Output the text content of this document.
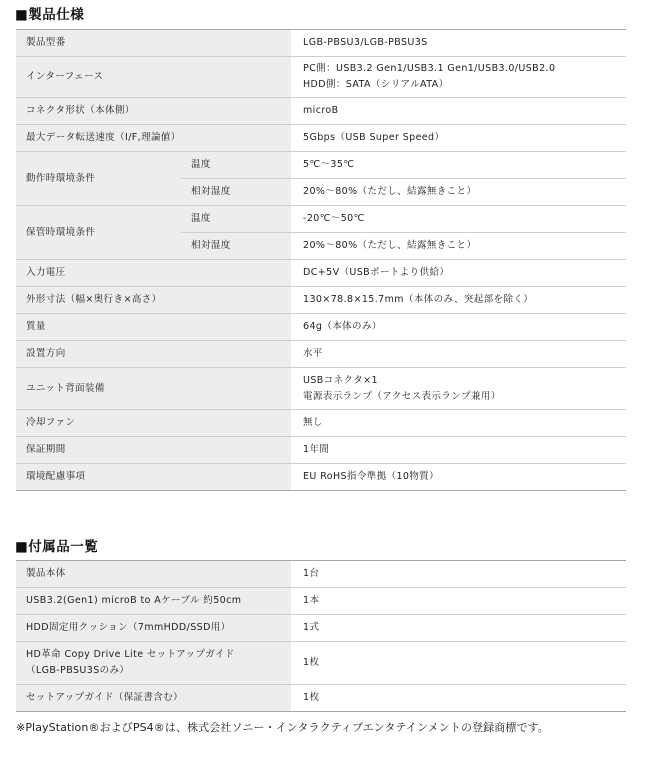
■製品仕様
製品型番		LGB-PBSU3/LGB-PBSU3S
インターフェース		PC側：USB3.2 Gen1/USB3.1 Gen1/USB3.0/USB2.0
HDD側：SATA（シリアルATA）

コネクタ形状（本体側）		microB
最大データ転送速度（I/F,理論値）		5Gbps（USB Super Speed）
動作時環境条件	温度	5℃～35℃
	相対湿度	20%～80%（ただし、結露無きこと）
保管時環境条件	温度	-20℃～50℃
	相対湿度	20%～80%（ただし、結露無きこと）
入力電圧		DC+5V（USBポートより供給）
外形寸法（幅×奥行き×高さ）		130×78.8×15.7mm（本体のみ、突起部を除く）
質量		64g（本体のみ）
設置方向		水平
ユニット背面装備		USBコネクタ×1
電源表示ランプ（アクセス表示ランプ兼用）

冷却ファン		無し
保証期間		1年間
環境配慮事項		EU RoHS指令準拠（10物質）
■付属品一覧
製品本体	1台
USB3.2(Gen1) microB to Aケーブル 約50cm	1本
HDD固定用クッション（7mmHDD/SSD用）	1式

HD革命 Copy Drive Lite セットアップガイド
（LGB-PBSU3Sのみ）	1枚
セットアップガイド（保証書含む）	1枚
※PlayStation®およびPS4®は、株式会社ソニー・インタラクティブエンタテインメントの登録商標です。
